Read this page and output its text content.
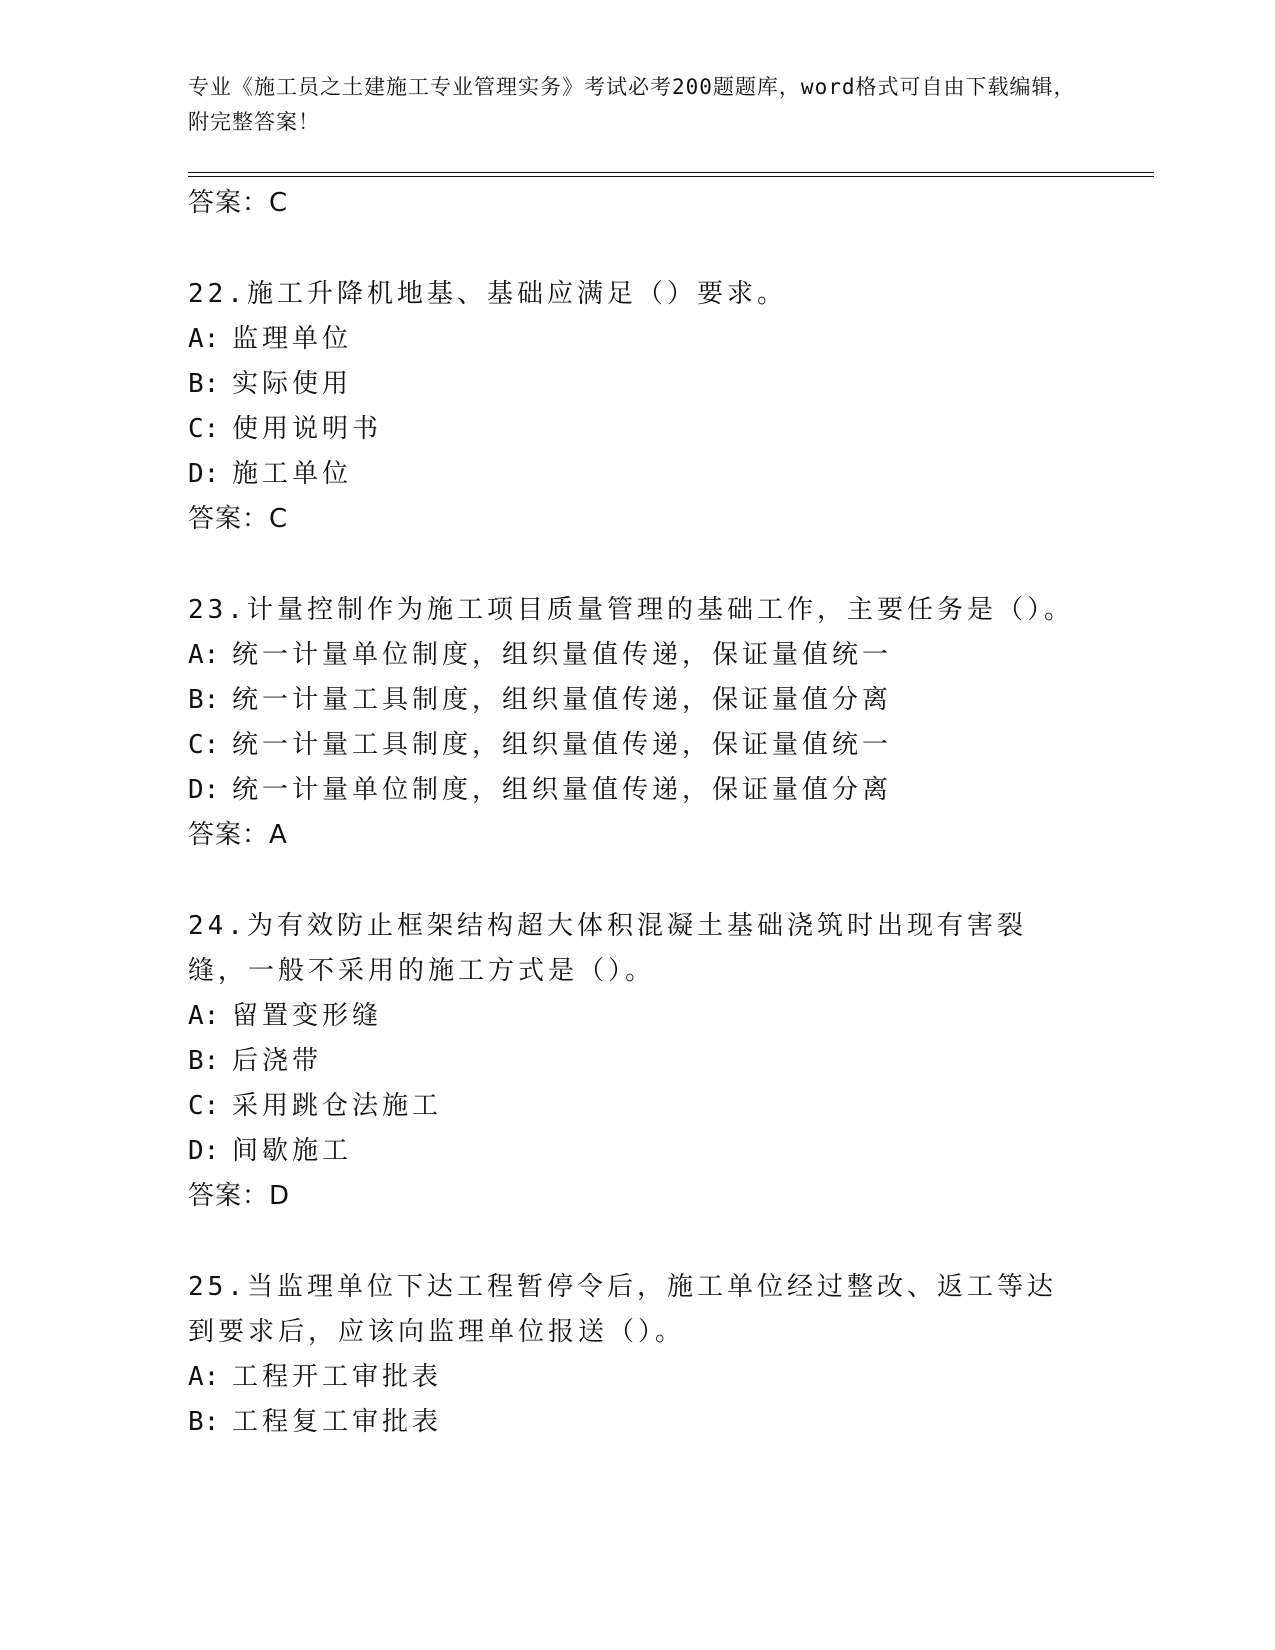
专业《施工员之土建施工专业管理实务》考试必考200题题库，word格式可自由下载编辑，附完整答案！

答案：C

22.施工升降机地基、基础应满足（）要求。

A: 监理单位

B: 实际使用

C: 使用说明书

D: 施工单位

答案：C

23.计量控制作为施工项目质量管理的基础工作，主要任务是（）。

A: 统一计量单位制度，组织量值传递，保证量值统一

B: 统一计量工具制度，组织量值传递，保证量值分离

C: 统一计量工具制度，组织量值传递，保证量值统一

D: 统一计量单位制度，组织量值传递，保证量值分离

答案：A

24.为有效防止框架结构超大体积混凝土基础浇筑时出现有害裂缝，一般不采用的施工方式是（）。

A: 留置变形缝

B: 后浇带

C: 采用跳仓法施工

D: 间歇施工

答案：D

25.当监理单位下达工程暂停令后，施工单位经过整改、返工等达到要求后，应该向监理单位报送（）。

A: 工程开工审批表

B: 工程复工审批表
